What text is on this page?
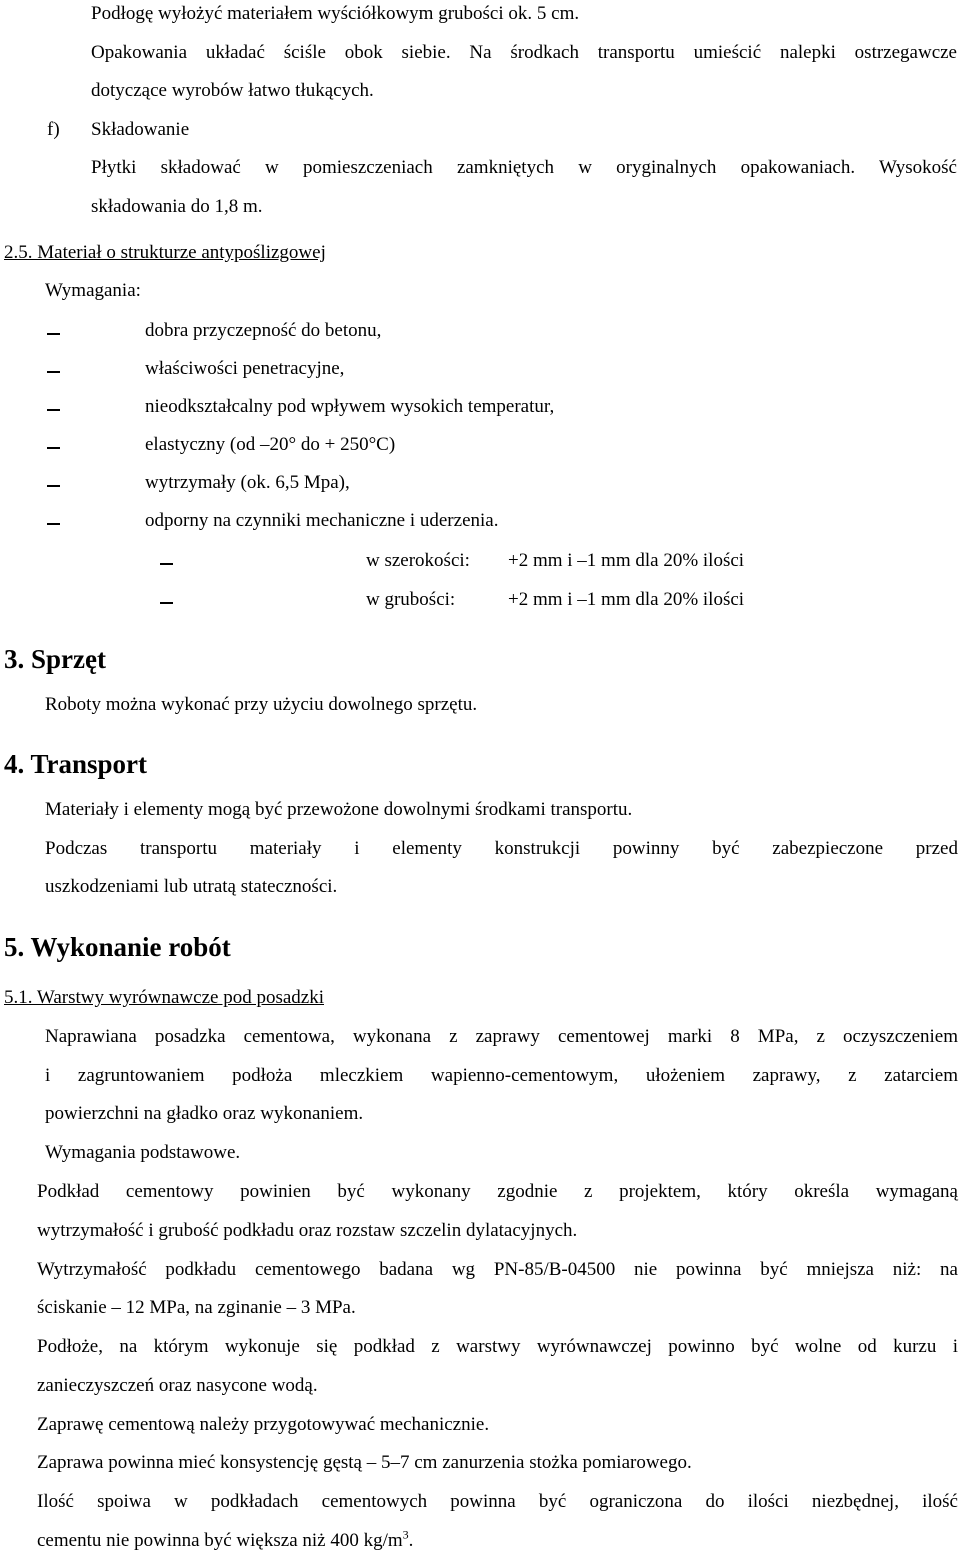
Podłogę wyłożyć materiałem wyściółkowym grubości ok. 5 cm.
Opakowania układać ściśle obok siebie. Na środkach transportu umieścić nalepki ostrzegawcze
dotyczące wyrobów łatwo tłukących.
f) Składowanie
Płytki składować w pomieszczeniach zamkniętych w oryginalnych opakowaniach. Wysokość
składowania do 1,8 m.
2.5. Materiał o strukturze antypoślizgowej
Wymagania:
dobra przyczepność do betonu,
właściwości penetracyjne,
nieodkształcalny pod wpływem wysokich temperatur,
elastyczny (od –20° do + 250°C)
wytrzymały (ok. 6,5 Mpa),
odporny na czynniki mechaniczne i uderzenia.
w szerokości: +2 mm i –1 mm dla 20% ilości
w grubości:	+2 mm i –1 mm dla 20% ilości
3. Sprzęt
Roboty można wykonać przy użyciu dowolnego sprzętu.
4. Transport
Materiały i elementy mogą być przewożone dowolnymi środkami transportu.
Podczas transportu materiały i elementy konstrukcji powinny być zabezpieczone przed
uszkodzeniami lub utratą stateczności.
5. Wykonanie robót
5.1. Warstwy wyrównawcze pod posadzki
Naprawiana posadzka cementowa, wykonana z zaprawy cementowej marki 8 MPa, z oczyszczeniem
i zagruntowaniem podłoża mleczkiem wapienno-cementowym, ułożeniem zaprawy, z zatarciem
powierzchni na gładko oraz wykonaniem.
Wymagania podstawowe.
Podkład cementowy powinien być wykonany zgodnie z projektem, który określa wymaganą
wytrzymałość i grubość podkładu oraz rozstaw szczelin dylatacyjnych.
Wytrzymałość podkładu cementowego badana wg PN-85/B-04500 nie powinna być mniejsza niż: na
ściskanie – 12 MPa, na zginanie – 3 MPa.
Podłoże, na którym wykonuje się podkład z warstwy wyrównawczej powinno być wolne od kurzu i
zanieczyszczeń oraz nasycone wodą.
Zaprawę cementową należy przygotowywać mechanicznie.
Zaprawa powinna mieć konsystencję gęstą – 5–7 cm zanurzenia stożka pomiarowego.
Ilość spoiwa w podkładach cementowych powinna być ograniczona do ilości niezbędnej, ilość
cementu nie powinna być większa niż 400 $kg/m^3$.
